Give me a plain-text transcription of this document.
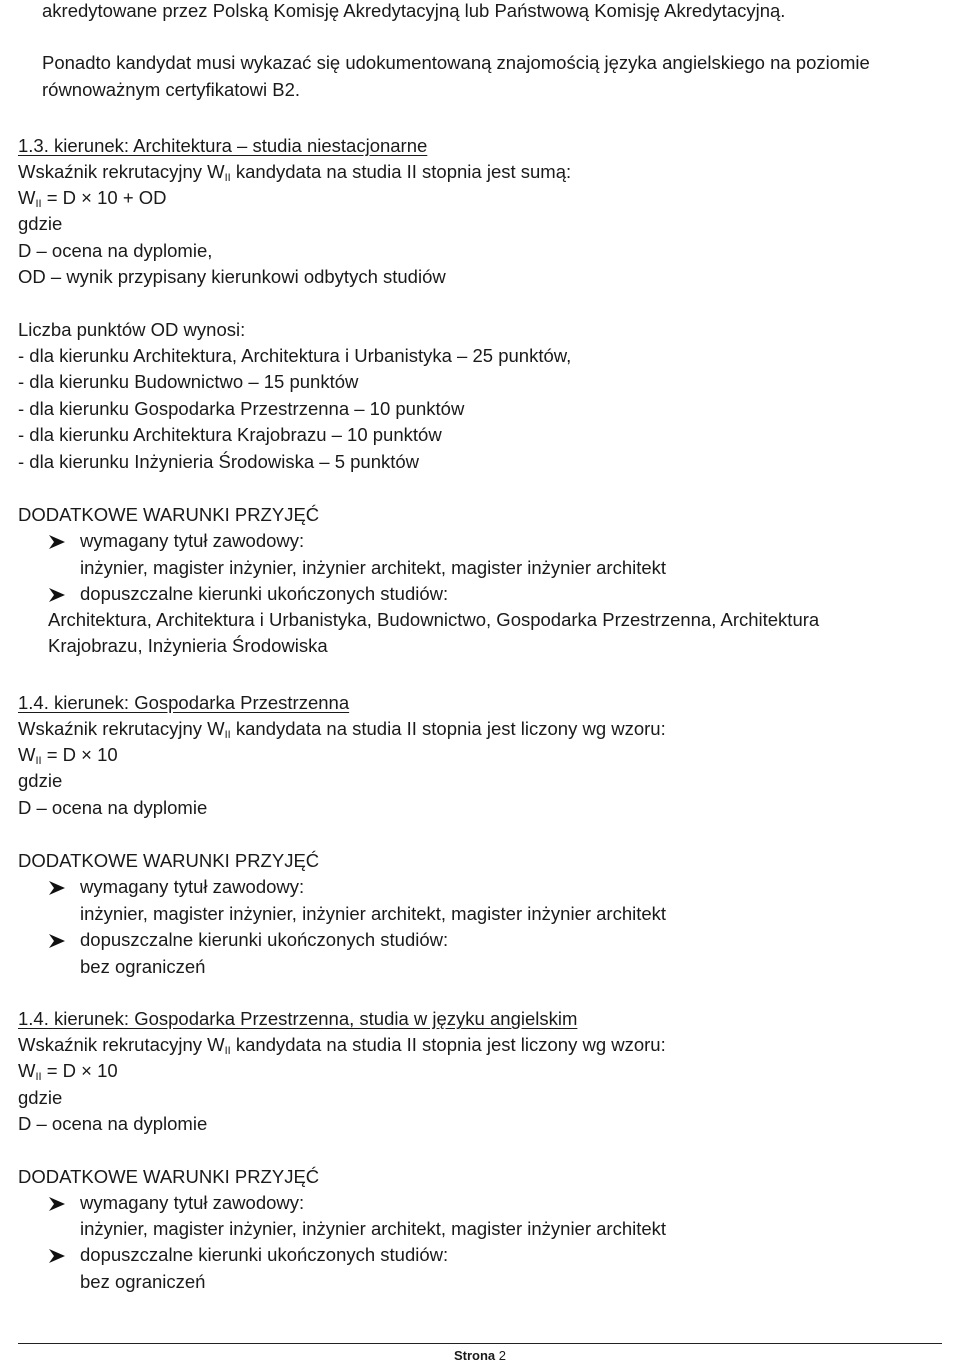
akredytowane przez Polską Komisję Akredytacyjną lub Państwową Komisję Akredytacyjną.
Ponadto kandydat musi wykazać się udokumentowaną znajomością języka angielskiego na poziomie
równoważnym certyfikatowi B2.
1.3. kierunek: Architektura – studia niestacjonarne
Wskaźnik rekrutacyjny $W_{II}$ kandydata na studia II stopnia jest sumą:
$W_{II} = D \times 10$ + OD
gdzie
D – ocena na dyplomie,
OD – wynik przypisany kierunkowi odbytych studiów
Liczba punktów OD wynosi:
- dla kierunku Architektura, Architektura i Urbanistyka – 25 punktów,
- dla kierunku Budownictwo – 15 punktów
- dla kierunku Gospodarka Przestrzenna – 10 punktów
- dla kierunku Architektura Krajobrazu – 10 punktów
- dla kierunku Inżynieria Środowiska – 5 punktów
DODATKOWE WARUNKI PRZYJĘĆ
wymagany tytuł zawodowy:
inżynier, magister inżynier, inżynier architekt, magister inżynier architekt
dopuszczalne kierunki ukończonych studiów:
Architektura, Architektura i Urbanistyka, Budownictwo, Gospodarka Przestrzenna, Architektura
Krajobrazu, Inżynieria Środowiska
1.4. kierunek: Gospodarka Przestrzenna
Wskaźnik rekrutacyjny $W_{II}$ kandydata na studia II stopnia jest liczony wg wzoru:
$W_{II} = D \times 10$
gdzie
D – ocena na dyplomie
DODATKOWE WARUNKI PRZYJĘĆ
wymagany tytuł zawodowy:
inżynier, magister inżynier, inżynier architekt, magister inżynier architekt
dopuszczalne kierunki ukończonych studiów:
bez ograniczeń
1.4. kierunek: Gospodarka Przestrzenna, studia w języku angielskim
Wskaźnik rekrutacyjny $W_{II}$ kandydata na studia II stopnia jest liczony wg wzoru:
$W_{II} = D \times 10$
gdzie
D – ocena na dyplomie
DODATKOWE WARUNKI PRZYJĘĆ
wymagany tytuł zawodowy:
inżynier, magister inżynier, inżynier architekt, magister inżynier architekt
dopuszczalne kierunki ukończonych studiów:
bez ograniczeń
Strona 2
